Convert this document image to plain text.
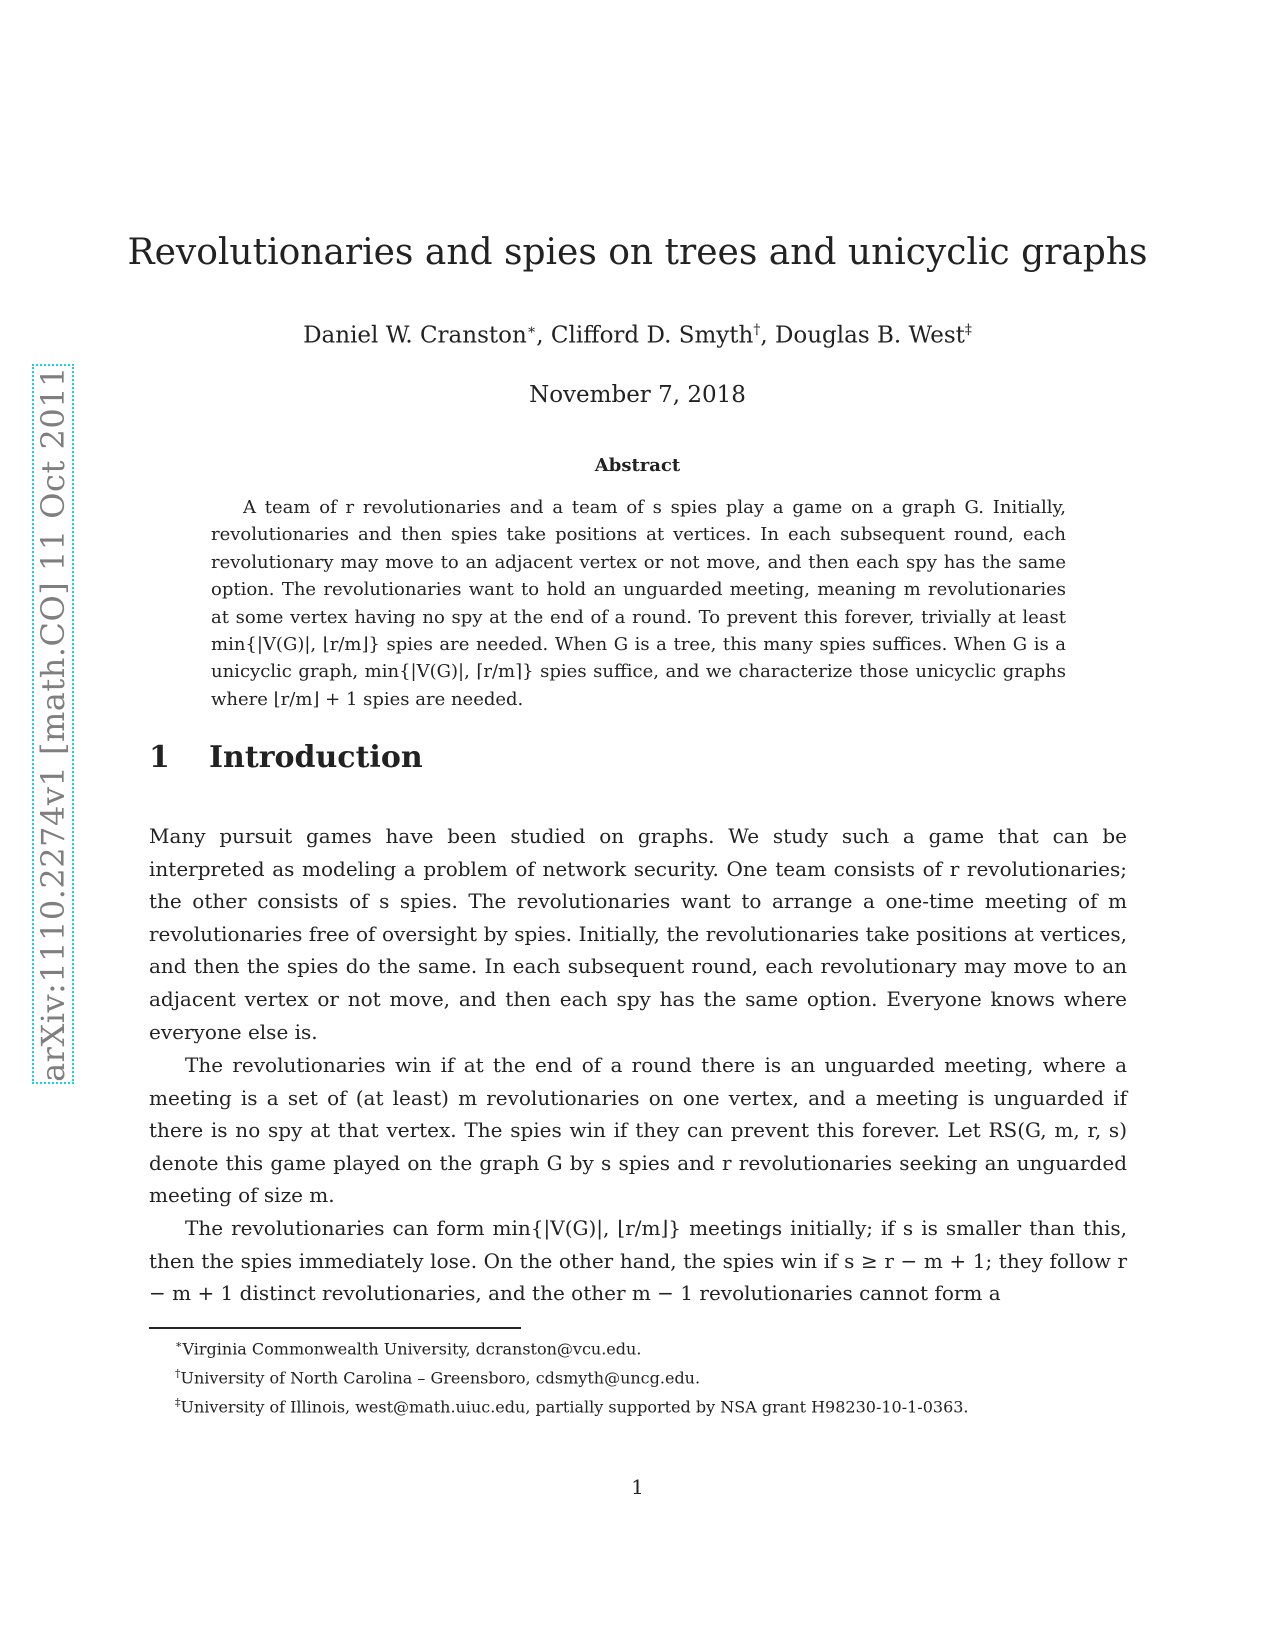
arXiv:1110.2274v1 [math.CO] 11 Oct 2011
Revolutionaries and spies on trees and unicyclic graphs
Daniel W. Cranston∗, Clifford D. Smyth†, Douglas B. West‡
November 7, 2018
Abstract
A team of r revolutionaries and a team of s spies play a game on a graph G. Initially, revolutionaries and then spies take positions at vertices. In each subsequent round, each revolutionary may move to an adjacent vertex or not move, and then each spy has the same option. The revolutionaries want to hold an unguarded meeting, meaning m revolutionaries at some vertex having no spy at the end of a round. To prevent this forever, trivially at least min{|V(G)|, ⌊r/m⌋} spies are needed. When G is a tree, this many spies suffices. When G is a unicyclic graph, min{|V(G)|, ⌈r/m⌉} spies suffice, and we characterize those unicyclic graphs where ⌊r/m⌋ + 1 spies are needed.
1 Introduction
Many pursuit games have been studied on graphs. We study such a game that can be interpreted as modeling a problem of network security. One team consists of r revolutionaries; the other consists of s spies. The revolutionaries want to arrange a one-time meeting of m revolutionaries free of oversight by spies. Initially, the revolutionaries take positions at vertices, and then the spies do the same. In each subsequent round, each revolutionary may move to an adjacent vertex or not move, and then each spy has the same option. Everyone knows where everyone else is.
The revolutionaries win if at the end of a round there is an unguarded meeting, where a meeting is a set of (at least) m revolutionaries on one vertex, and a meeting is unguarded if there is no spy at that vertex. The spies win if they can prevent this forever. Let RS(G, m, r, s) denote this game played on the graph G by s spies and r revolutionaries seeking an unguarded meeting of size m.
The revolutionaries can form min{|V(G)|, ⌊r/m⌋} meetings initially; if s is smaller than this, then the spies immediately lose. On the other hand, the spies win if s ≥ r − m + 1; they follow r − m + 1 distinct revolutionaries, and the other m − 1 revolutionaries cannot form a
∗Virginia Commonwealth University, dcranston@vcu.edu.
†University of North Carolina – Greensboro, cdsmyth@uncg.edu.
‡University of Illinois, west@math.uiuc.edu, partially supported by NSA grant H98230-10-1-0363.
1
